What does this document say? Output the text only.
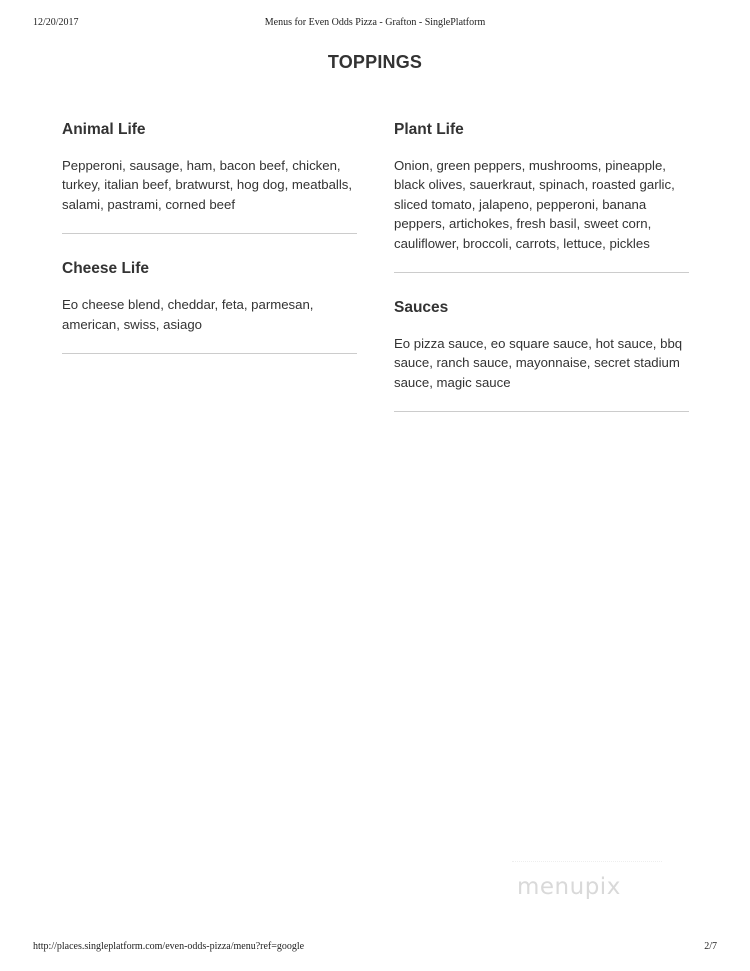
12/20/2017	Menus for Even Odds Pizza - Grafton - SinglePlatform
TOPPINGS
Animal Life
Pepperoni, sausage, ham, bacon beef, chicken, turkey, italian beef, bratwurst, hog dog, meatballs, salami, pastrami, corned beef
Cheese Life
Eo cheese blend, cheddar, feta, parmesan, american, swiss, asiago
Plant Life
Onion, green peppers, mushrooms, pineapple, black olives, sauerkraut, spinach, roasted garlic, sliced tomato, jalapeno, pepperoni, banana peppers, artichokes, fresh basil, sweet corn, cauliflower, broccoli, carrots, lettuce, pickles
Sauces
Eo pizza sauce, eo square sauce, hot sauce, bbq sauce, ranch sauce, mayonnaise, secret stadium sauce, magic sauce
menupix
http://places.singleplatform.com/even-odds-pizza/menu?ref=google	2/7
